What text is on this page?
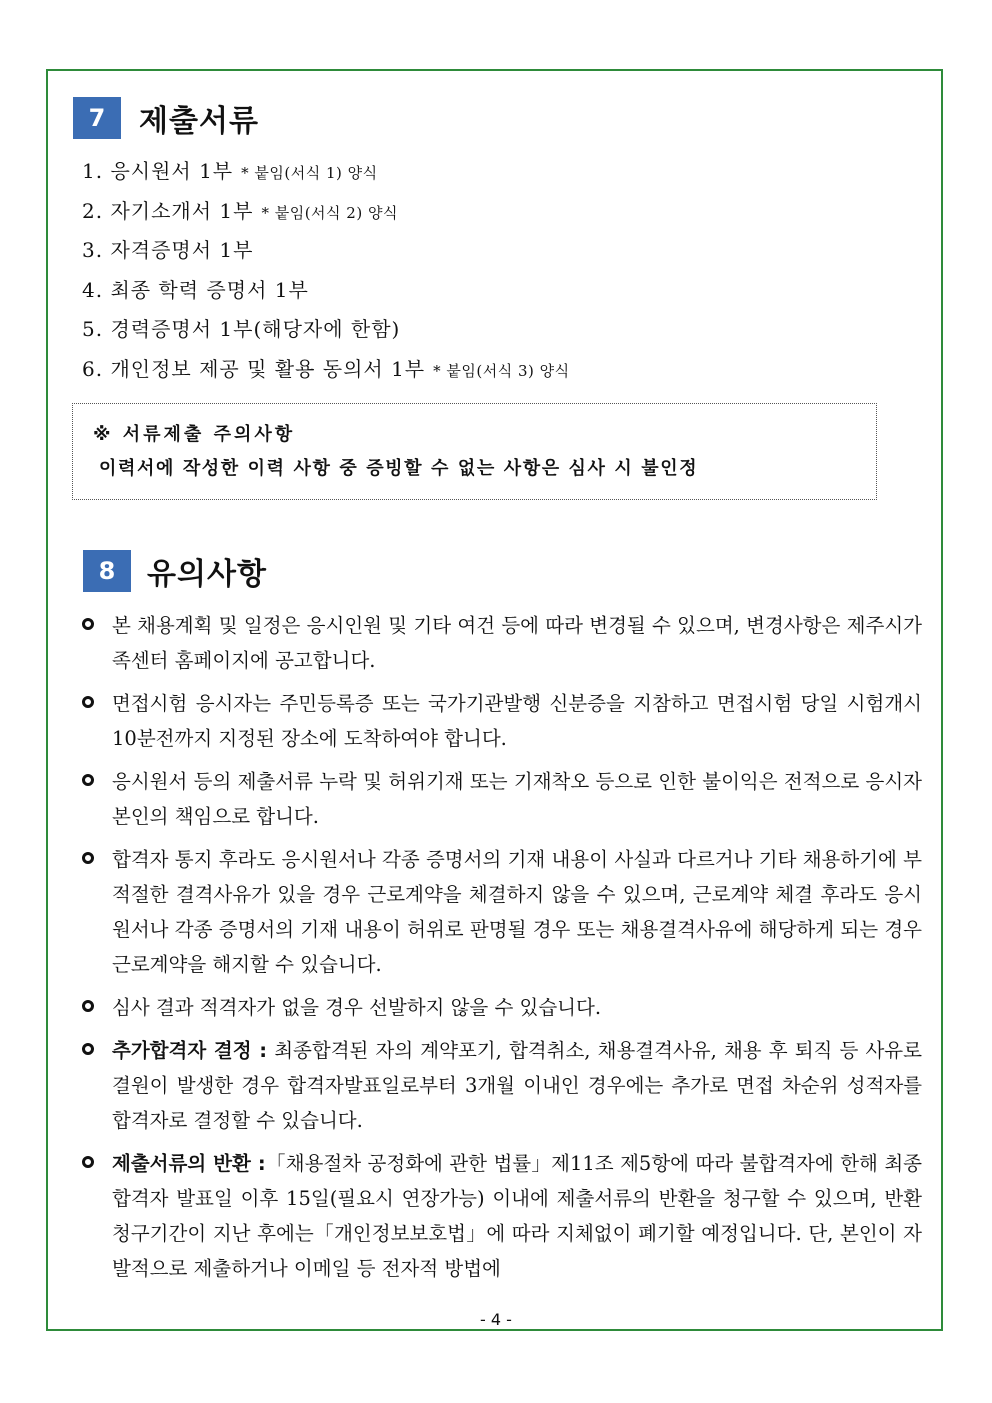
7	제출서류
1. 응시원서 1부 * 붙임(서식 1) 양식
2. 자기소개서 1부 * 붙임(서식 2) 양식
3. 자격증명서 1부
4. 최종 학력 증명서 1부
5. 경력증명서 1부(해당자에 한함)
6. 개인정보 제공 및 활용 동의서 1부 * 붙임(서식 3) 양식
※ 서류제출 주의사항
이력서에 작성한 이력 사항 중 증빙할 수 없는 사항은 심사 시 불인정
8	유의사항
본 채용계획 및 일정은 응시인원 및 기타 여건 등에 따라 변경될 수 있으며, 변경사항은 제주시가족센터 홈페이지에 공고합니다.
면접시험 응시자는 주민등록증 또는 국가기관발행 신분증을 지참하고 면접시험 당일 시험개시 10분전까지 지정된 장소에 도착하여야 합니다.
응시원서 등의 제출서류 누락 및 허위기재 또는 기재착오 등으로 인한 불이익은 전적으로 응시자 본인의 책임으로 합니다.
합격자 통지 후라도 응시원서나 각종 증명서의 기재 내용이 사실과 다르거나 기타 채용하기에 부적절한 결격사유가 있을 경우 근로계약을 체결하지 않을 수 있으며, 근로계약 체결 후라도 응시원서나 각종 증명서의 기재 내용이 허위로 판명될 경우 또는 채용결격사유에 해당하게 되는 경우 근로계약을 해지할 수 있습니다.
심사 결과 적격자가 없을 경우 선발하지 않을 수 있습니다.
추가합격자 결정 : 최종합격된 자의 계약포기, 합격취소, 채용결격사유, 채용 후 퇴직 등 사유로 결원이 발생한 경우 합격자발표일로부터 3개월 이내인 경우에는 추가로 면접 차순위 성적자를 합격자로 결정할 수 있습니다.
제출서류의 반환 :「채용절차 공정화에 관한 법률」제11조 제5항에 따라 불합격자에 한해 최종합격자 발표일 이후 15일(필요시 연장가능) 이내에 제출서류의 반환을 청구할 수 있으며, 반환청구기간이 지난 후에는「개인정보보호법」에 따라 지체없이 폐기할 예정입니다. 단, 본인이 자발적으로 제출하거나 이메일 등 전자적 방법에
- 4 -
